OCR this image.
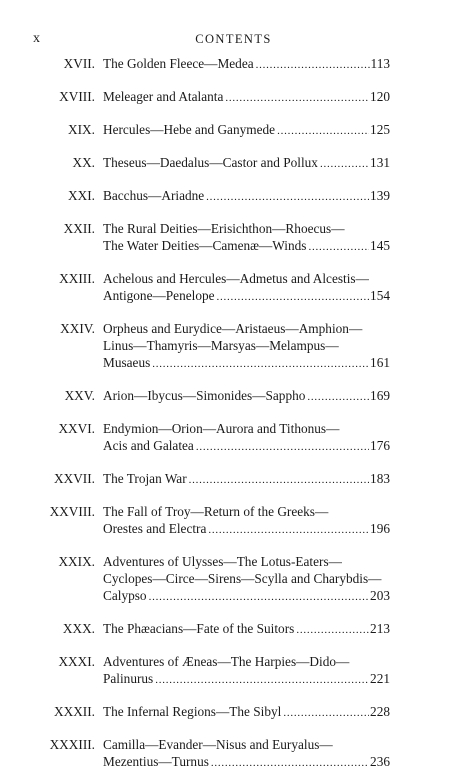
x	CONTENTS
XVII. The Golden Fleece—Medea . . .	113
XVIII. Meleager and Atalanta . . .	120
XIX. Hercules—Hebe and Ganymede . . .	125
XX. Theseus—Daedalus—Castor and Pollux . . .	131
XXI. Bacchus—Ariadne . . .	139
XXII. The Rural Deities—Erisichthon—Rhoecus—
The Water Deities—Camenæ—Winds . . .	145
XXIII. Achelous and Hercules—Admetus and Alcestis—
Antigone—Penelope . . .	154
XXIV. Orpheus and Eurydice—Aristaeus—Amphion—
Linus—Thamyris—Marsyas—Melampus—
Musaeus . . .	161
XXV. Arion—Ibycus—Simonides—Sappho . . .	169
XXVI. Endymion—Orion—Aurora and Tithonus—
Acis and Galatea . . .	176
XXVII. The Trojan War . . .	183
XXVIII. The Fall of Troy—Return of the Greeks—
Orestes and Electra . . .	196
XXIX. Adventures of Ulysses—The Lotus-Eaters—
Cyclopes—Circe—Sirens—Scylla and Charybdis—
Calypso . . .	203
XXX. The Phæacians—Fate of the Suitors . . .	213
XXXI. Adventures of Æneas—The Harpies—Dido—
Palinurus . . .	221
XXXII. The Infernal Regions—The Sibyl . . .	228
XXXIII. Camilla—Evander—Nisus and Euryalus—
Mezentius—Turnus . . .	236
